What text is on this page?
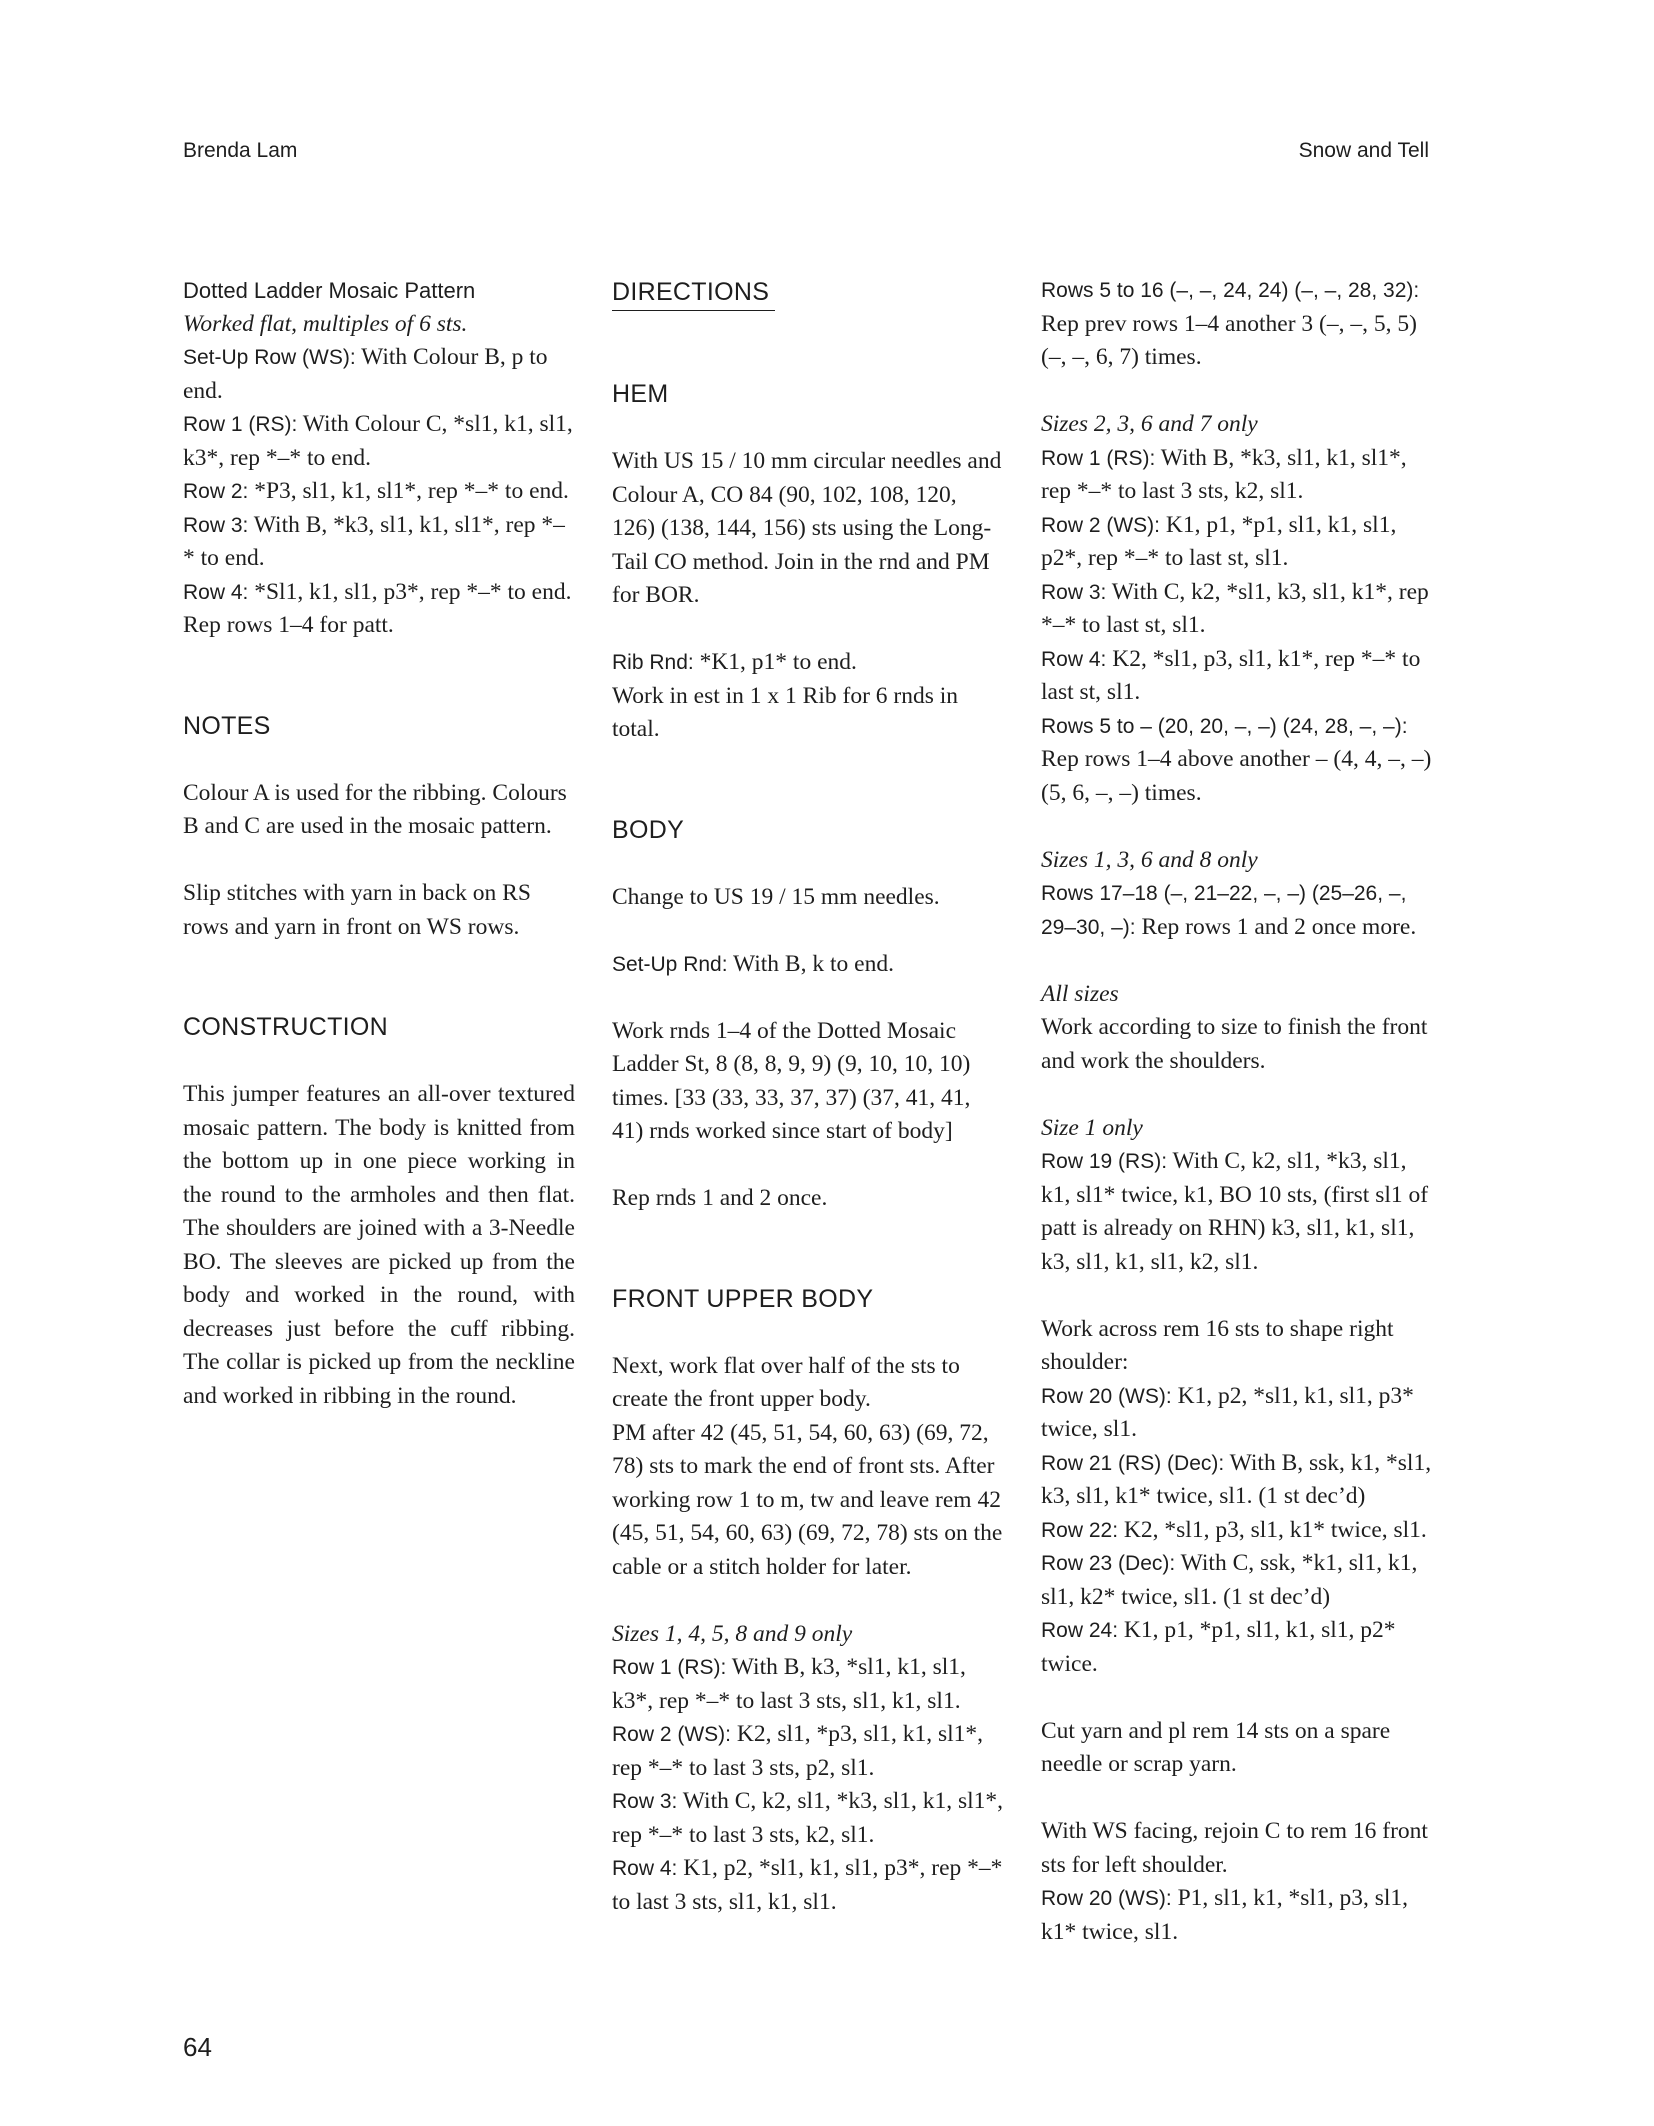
Brenda Lam	Snow and Tell

Dotted Ladder Mosaic Pattern

Worked flat, multiples of 6 sts.

Set-Up Row (WS): With Colour B, p to end.

Row 1 (RS): With Colour C, *sl1, k1, sl1, k3*, rep *–* to end.

Row 2: *P3, sl1, k1, sl1*, rep *–* to end.

Row 3: With B, *k3, sl1, k1, sl1*, rep *–* to end.

Row 4: *Sl1, k1, sl1, p3*, rep *–* to end.

Rep rows 1–4 for patt.

NOTES

Colour A is used for the ribbing. Colours B and C are used in the mosaic pattern.

Slip stitches with yarn in back on RS rows and yarn in front on WS rows.

CONSTRUCTION

This jumper features an all-over textured mosaic pattern. The body is knitted from the bottom up in one piece working in the round to the armholes and then flat. The shoulders are joined with a 3-Needle BO. The sleeves are picked up from the body and worked in the round, with decreases just before the cuff ribbing. The collar is picked up from the neckline and worked in ribbing in the round.

DIRECTIONS

HEM

With US 15 / 10 mm circular needles and Colour A, CO 84 (90, 102, 108, 120, 126) (138, 144, 156) sts using the Long-Tail CO method. Join in the rnd and PM for BOR.

Rib Rnd: *K1, p1* to end.

Work in est in 1 x 1 Rib for 6 rnds in total.

BODY

Change to US 19 / 15 mm needles.

Set-Up Rnd: With B, k to end.

Work rnds 1–4 of the Dotted Mosaic Ladder St, 8 (8, 8, 9, 9) (9, 10, 10, 10) times. [33 (33, 33, 37, 37) (37, 41, 41, 41) rnds worked since start of body]

Rep rnds 1 and 2 once.

FRONT UPPER BODY

Next, work flat over half of the sts to create the front upper body.

PM after 42 (45, 51, 54, 60, 63) (69, 72, 78) sts to mark the end of front sts. After working row 1 to m, tw and leave rem 42 (45, 51, 54, 60, 63) (69, 72, 78) sts on the cable or a stitch holder for later.

Sizes 1, 4, 5, 8 and 9 only

Row 1 (RS): With B, k3, *sl1, k1, sl1, k3*, rep *–* to last 3 sts, sl1, k1, sl1.

Row 2 (WS): K2, sl1, *p3, sl1, k1, sl1*, rep *–* to last 3 sts, p2, sl1.

Row 3: With C, k2, sl1, *k3, sl1, k1, sl1*, rep *–* to last 3 sts, k2, sl1.

Row 4: K1, p2, *sl1, k1, sl1, p3*, rep *–* to last 3 sts, sl1, k1, sl1.

Rows 5 to 16 (–, –, 24, 24) (–, –, 28, 32): Rep prev rows 1–4 another 3 (–, –, 5, 5) (–, –, 6, 7) times.

Sizes 2, 3, 6 and 7 only

Row 1 (RS): With B, *k3, sl1, k1, sl1*, rep *–* to last 3 sts, k2, sl1.

Row 2 (WS): K1, p1, *p1, sl1, k1, sl1, p2*, rep *–* to last st, sl1.

Row 3: With C, k2, *sl1, k3, sl1, k1*, rep *–* to last st, sl1.

Row 4: K2, *sl1, p3, sl1, k1*, rep *–* to last st, sl1.

Rows 5 to – (20, 20, –, –) (24, 28, –, –): Rep rows 1–4 above another – (4, 4, –, –) (5, 6, –, –) times.

Sizes 1, 3, 6 and 8 only

Rows 17–18 (–, 21–22, –, –) (25–26, –, 29–30, –): Rep rows 1 and 2 once more.

All sizes

Work according to size to finish the front and work the shoulders.

Size 1 only

Row 19 (RS): With C, k2, sl1, *k3, sl1, k1, sl1* twice, k1, BO 10 sts, (first sl1 of patt is already on RHN) k3, sl1, k1, sl1, k3, sl1, k1, sl1, k2, sl1.

Work across rem 16 sts to shape right shoulder:

Row 20 (WS): K1, p2, *sl1, k1, sl1, p3* twice, sl1.

Row 21 (RS) (Dec): With B, ssk, k1, *sl1, k3, sl1, k1* twice, sl1. (1 st dec’d)

Row 22: K2, *sl1, p3, sl1, k1* twice, sl1.

Row 23 (Dec): With C, ssk, *k1, sl1, k1, sl1, k2* twice, sl1. (1 st dec’d)

Row 24: K1, p1, *p1, sl1, k1, sl1, p2* twice.

Cut yarn and pl rem 14 sts on a spare needle or scrap yarn.

With WS facing, rejoin C to rem 16 front sts for left shoulder.

Row 20 (WS): P1, sl1, k1, *sl1, p3, sl1, k1* twice, sl1.

64
